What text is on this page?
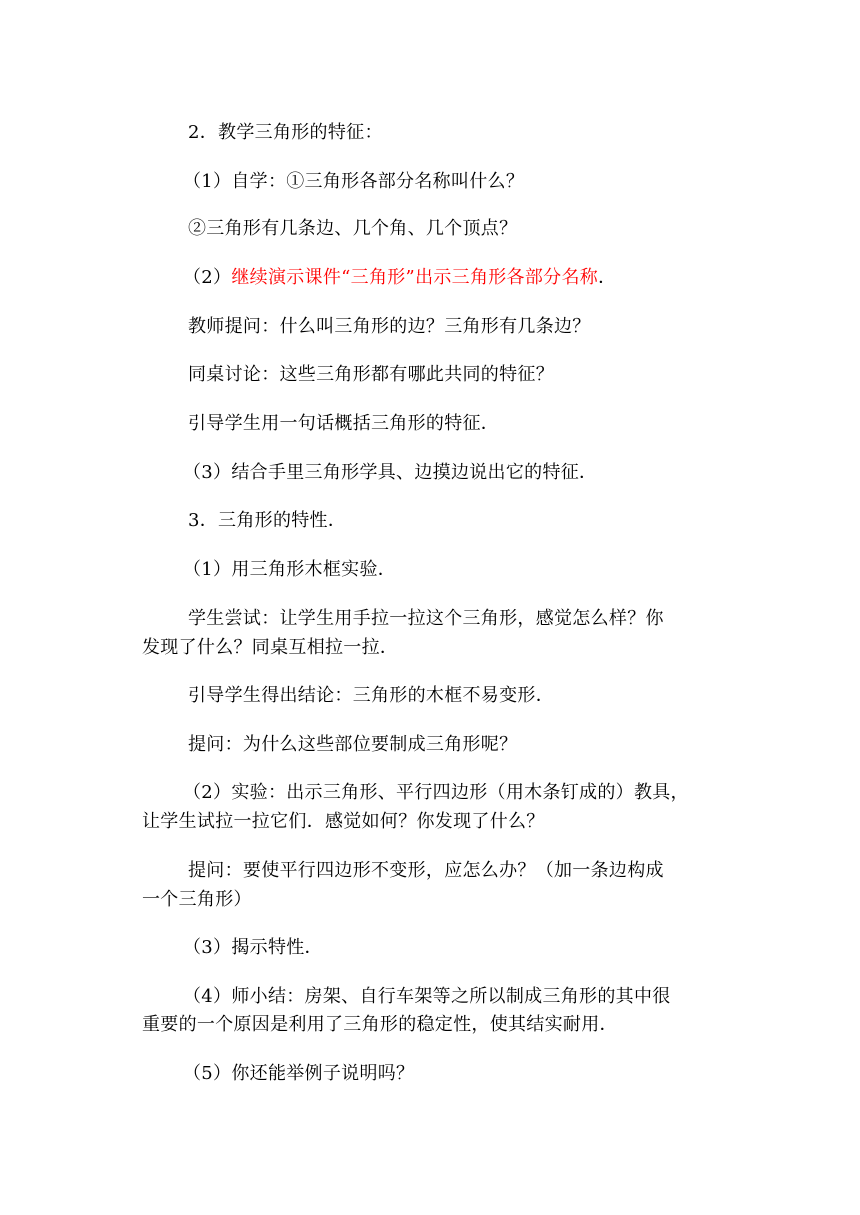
2．教学三角形的特征：
（1）自学：①三角形各部分名称叫什么？
②三角形有几条边、几个角、几个顶点？
（2）继续演示课件“三角形”出示三角形各部分名称．
教师提问：什么叫三角形的边？三角形有几条边？
同桌讨论：这些三角形都有哪此共同的特征？
引导学生用一句话概括三角形的特征．
（3）结合手里三角形学具、边摸边说出它的特征．
3．三角形的特性．
（1）用三角形木框实验．
学生尝试：让学生用手拉一拉这个三角形，感觉怎么样？你
发现了什么？同桌互相拉一拉．
引导学生得出结论：三角形的木框不易变形．
提问：为什么这些部位要制成三角形呢？
（2）实验：出示三角形、平行四边形（用木条钉成的）教具，
让学生试拉一拉它们．感觉如何？你发现了什么？
提问：要使平行四边形不变形，应怎么办？（加一条边构成
一个三角形）
（3）揭示特性．
（4）师小结：房架、自行车架等之所以制成三角形的其中很
重要的一个原因是利用了三角形的稳定性，使其结实耐用．
（5）你还能举例子说明吗？
